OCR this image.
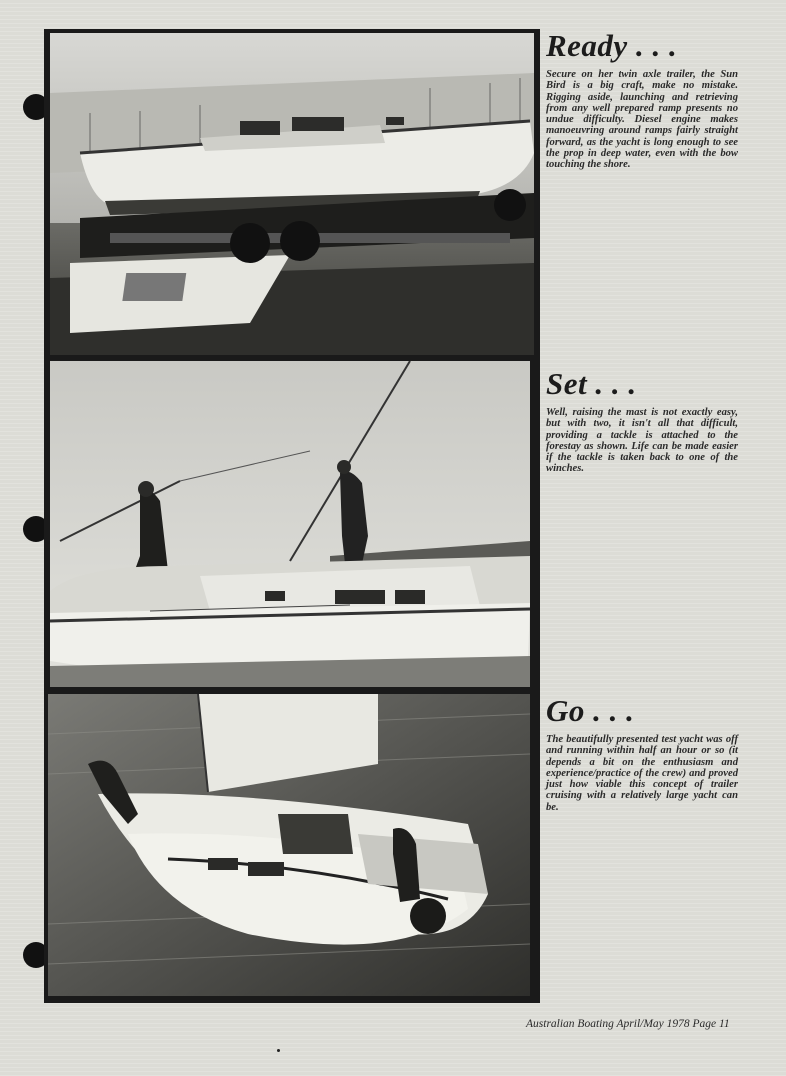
Ready . . .

Secure on her twin axle trailer, the Sun Bird is a big craft, make no mistake. Rigging aside, launching and retrieving from any well prepared ramp presents no undue difficulty. Diesel engine makes manoeuvring around ramps fairly straight forward, as the yacht is long enough to see the prop in deep water, even with the bow touching the shore.

Set . . .

Well, raising the mast is not exactly easy, but with two, it isn't all that difficult, providing a tackle is attached to the forestay as shown. Life can be made easier if the tackle is taken back to one of the winches.

Go . . .

The beautifully presented test yacht was off and running within half an hour or so (it depends a bit on the enthusiasm and experience/practice of the crew) and proved just how viable this concept of trailer cruising with a relatively large yacht can be.

Australian Boating April/May 1978 Page 11
